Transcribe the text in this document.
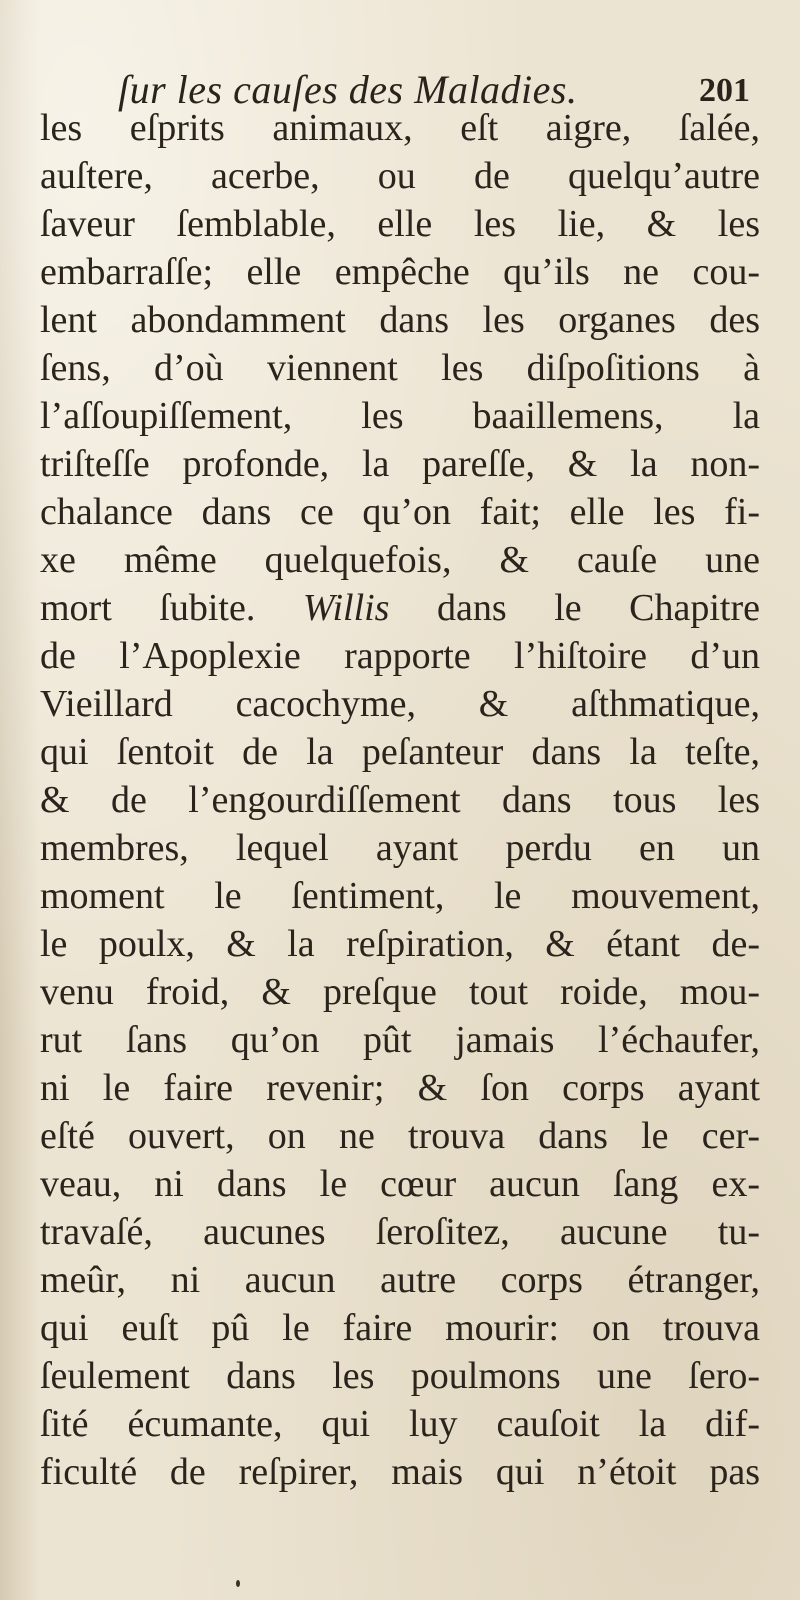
ſur les cauſes des Maladies.	201
les eſprits animaux, eſt aigre, ſalée,
auſtere, acerbe, ou de quelqu’autre
ſaveur ſemblable, elle les lie, & les
embarraſſe; elle empêche qu’ils ne cou-
lent abondamment dans les organes des
ſens, d’où viennent les diſpoſitions à
l’aſſoupiſſement, les baaillemens, la
triſteſſe profonde, la pareſſe, & la non-
chalance dans ce qu’on fait; elle les fi-
xe même quelquefois, & cauſe une
mort ſubite. Willis dans le Chapitre
de l’Apoplexie rapporte l’hiſtoire d’un
Vieillard cacochyme, & aſthmatique,
qui ſentoit de la peſanteur dans la teſte,
& de l’engourdiſſement dans tous les
membres, lequel ayant perdu en un
moment le ſentiment, le mouvement,
le poulx, & la reſpiration, & étant de-
venu froid, & preſque tout roide, mou-
rut ſans qu’on pût jamais l’échaufer,
ni le faire revenir; & ſon corps ayant
eſté ouvert, on ne trouva dans le cer-
veau, ni dans le cœur aucun ſang ex-
travaſé, aucunes ſeroſitez, aucune tu-
meûr, ni aucun autre corps étranger,
qui euſt pû le faire mourir: on trouva
ſeulement dans les poulmons une ſero-
ſité écumante, qui luy cauſoit la dif-
ficulté de reſpirer, mais qui n’étoit pas
